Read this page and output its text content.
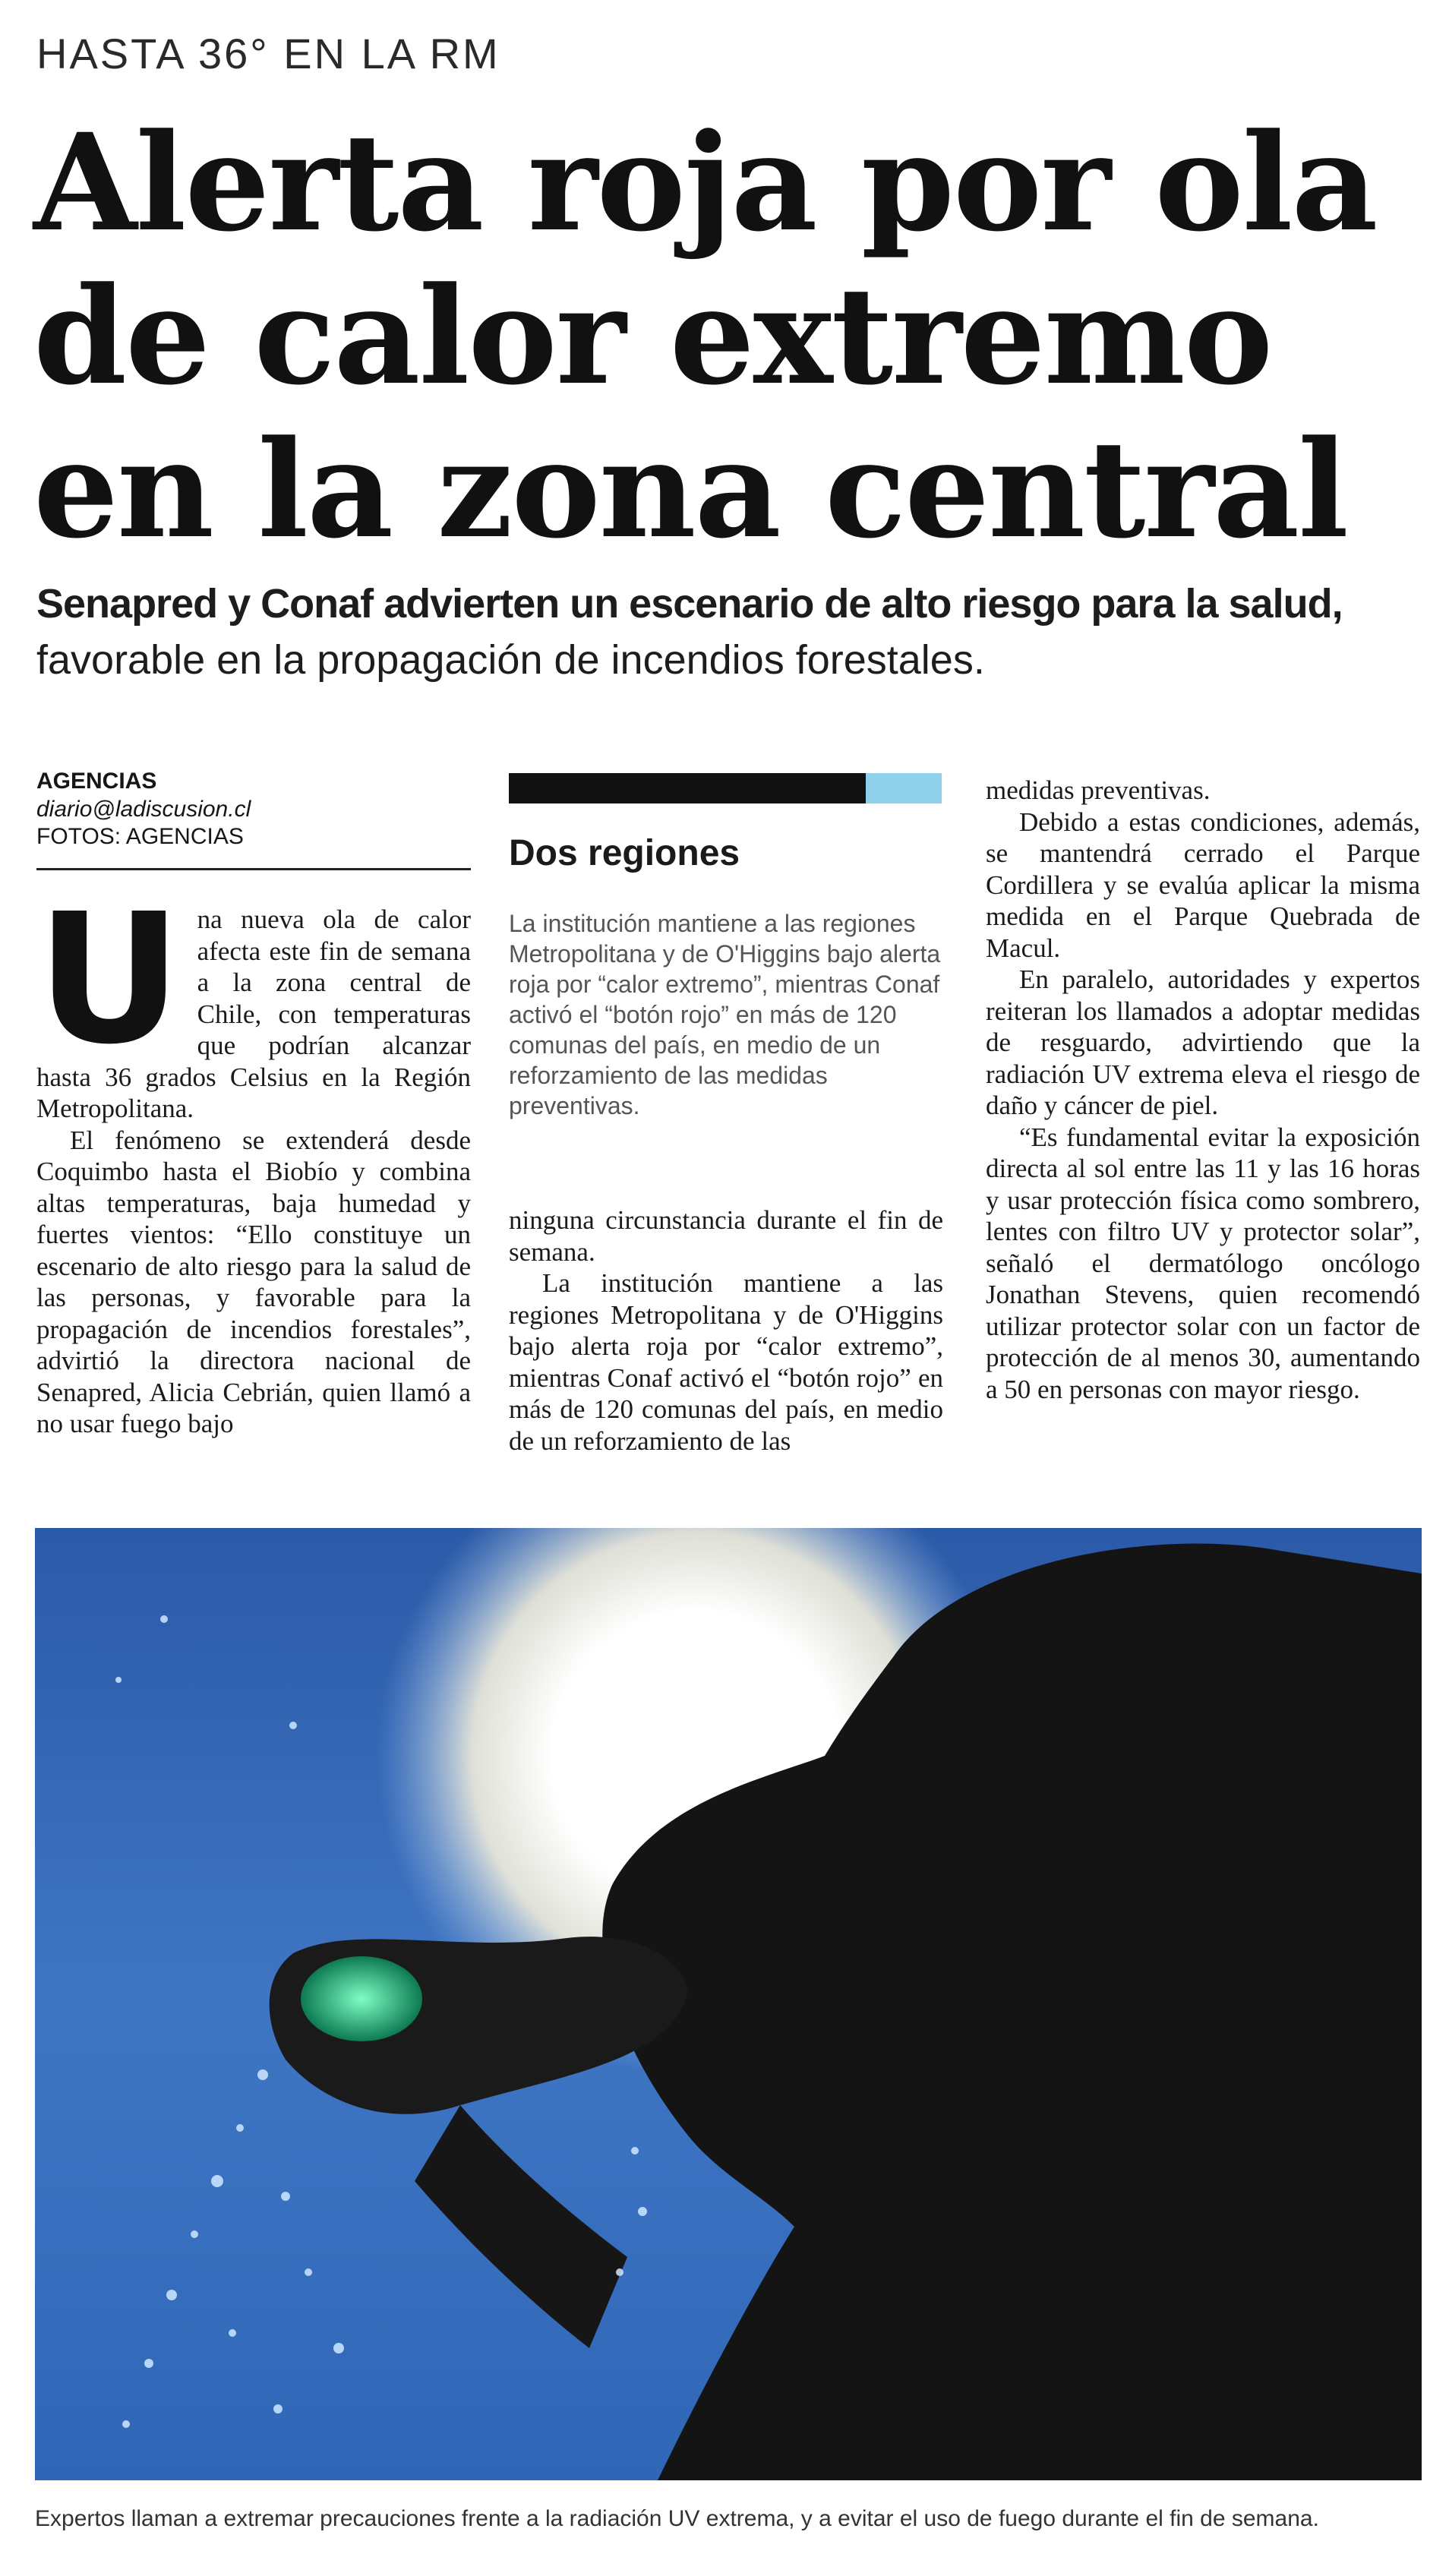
HASTA 36° EN LA RM
Alerta roja por ola
de calor extremo
en la zona central
Senapred y Conaf advierten un escenario de alto riesgo para la salud,
favorable en la propagación de incendios forestales.
AGENCIAS
diario@ladiscusion.cl
FOTOS: AGENCIAS
U na nueva ola de calor afecta este fin de semana a la zona central de Chile, con temperaturas que podrían alcanzar hasta 36 grados Celsius en la Región Metropolitana.

El fenómeno se extenderá desde Coquimbo hasta el Biobío y combina altas temperaturas, baja humedad y fuertes vientos: “Ello constituye un escenario de alto riesgo para la salud de las personas, y favorable para la propagación de incendios forestales”, advirtió la directora nacional de Senapred, Alicia Cebrián, quien llamó a no usar fuego bajo

Dos regiones
La institución mantiene a las regiones Metropolitana y de O'Higgins bajo alerta roja por “calor extremo”, mientras Conaf activó el “botón rojo” en más de 120 comunas del país, en medio de un reforzamiento de las medidas preventivas.

ninguna circunstancia durante el fin de semana.

La institución mantiene a las regiones Metropolitana y de O'Higgins bajo alerta roja por “calor extremo”, mientras Conaf activó el “botón rojo” en más de 120 comunas del país, en medio de un reforzamiento de las

medidas preventivas.

Debido a estas condiciones, además, se mantendrá cerrado el Parque Cordillera y se evalúa aplicar la misma medida en el Parque Quebrada de Macul.

En paralelo, autoridades y expertos reiteran los llamados a adoptar medidas de resguardo, advirtiendo que la radiación UV extrema eleva el riesgo de daño y cáncer de piel.

“Es fundamental evitar la exposición directa al sol entre las 11 y las 16 horas y usar protección física como sombrero, lentes con filtro UV y protector solar”, señaló el dermatólogo oncólogo Jonathan Stevens, quien recomendó utilizar protector solar con un factor de protección de al menos 30, aumentando a 50 en personas con mayor riesgo.

Expertos llaman a extremar precauciones frente a la radiación UV extrema, y a evitar el uso de fuego durante el fin de semana.
